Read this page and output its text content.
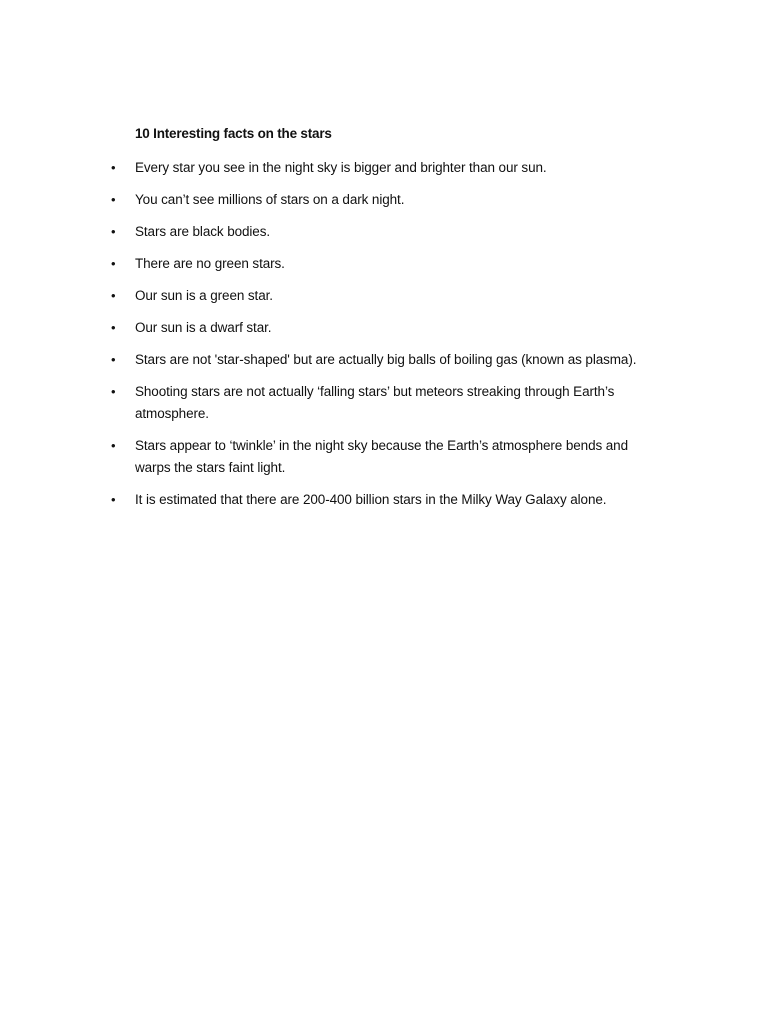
10 Interesting facts on the stars
• Every star you see in the night sky is bigger and brighter than our sun.
• You can’t see millions of stars on a dark night.
• Stars are black bodies.
• There are no green stars.
• Our sun is a green star.
• Our sun is a dwarf star.
• Stars are not 'star-shaped' but are actually big balls of boiling gas (known as plasma).
• Shooting stars are not actually ‘falling stars’ but meteors streaking through Earth’s atmosphere.
• Stars appear to ‘twinkle’ in the night sky because the Earth’s atmosphere bends and warps the stars faint light.
• It is estimated that there are 200-400 billion stars in the Milky Way Galaxy alone.
